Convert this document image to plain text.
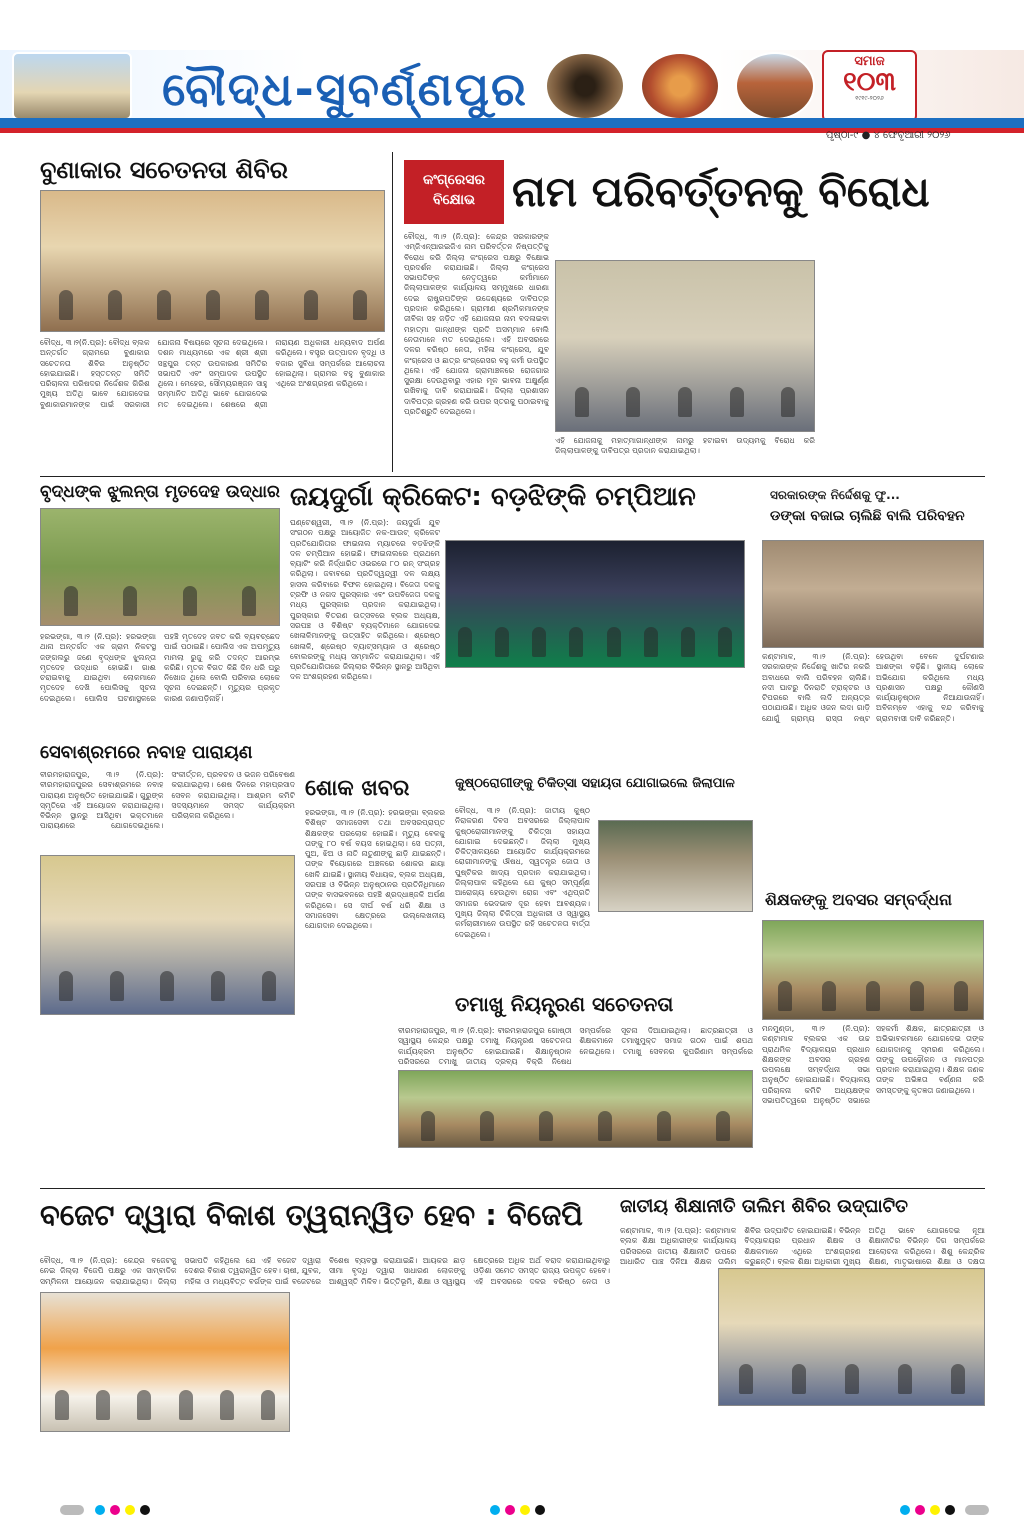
ବୌଦ୍ଧ-ସୁବର୍ଣ୍ଣପୁର
ସମାଜ
୧୦୩
୧୯୧୯-୨୦୨୬
ପୃଷ୍ଠା-୯ ● ୪ ଫେବୃଆରୀ ୨୦୨୬
ବୁଣାକାର ସଚେତନତା ଶିବିର
ବୌଦ୍ଧ, ୩।୨(ନି.ପ୍ର): ବୌଦ୍ଧ ବ୍ଲକ ଅନ୍ତର୍ଗତ ଗ୍ରାମରେ ବୁଣାକାର ସଚେତନତା ଶିବିର ଅନୁଷ୍ଠିତ ହୋଇଯାଇଛି। ହସ୍ତତନ୍ତ ସମିତି ପରିଚାଳନା ପରିଷଦର ନିର୍ଦ୍ଦେଶକ ଗିରିଶ ମୁଖ୍ୟ ଅତିଥି ଭାବେ ଯୋଗଦେଇ ବୁଣାକାରମାନଙ୍କ ପାଇଁ ସରକାରୀ ଯୋଜନା ବିଷୟରେ ସୂଚନା ଦେଇଥିଲେ। ଦଶନ ମାଧ୍ୟମରେ ଏକ ଶ୍ରୀ ଶ୍ରୀ ସନ୍ଥପୁର ତନ୍ତ ଉପକାରଣ ସମିତିର ସଭାପତି ଏବଂ ସମ୍ପାଦକ ଉପସ୍ଥିତ ଥିଲେ। ମେହେର, ସୌମ୍ୟରଞ୍ଜନ ସାହୁ ସମ୍ମାନିତ ଅତିଥି ଭାବେ ଯୋଗଦେଇ ମତ ଦେଇଥିଲେ। ଶେଷରେ ଶ୍ରୀ ନାରାୟଣ ଅଧିକାରୀ ଧନ୍ୟବାଦ ଅର୍ପଣ କରିଥିଲେ। ବସ୍ତ୍ର ଉତ୍ପାଦନ ବୃଦ୍ଧି ଓ ବଜାର ସୁବିଧା ସମ୍ପର୍କରେ ଆଲୋଚନା ହୋଇଥିଲା। ଗ୍ରାମର ବହୁ ବୁଣାକାର ଏଥିରେ ଅଂଶଗ୍ରହଣ କରିଥିଲେ।
କଂଗ୍ରେସର ବିକ୍ଷୋଭ ନାମ ପରିବର୍ତ୍ତନକୁ ବିରୋଧ
ବୌଦ୍ଧ, ୩।୨ (ନି.ପ୍ର): କେନ୍ଦ୍ର ସରକାରଙ୍କ ଏମ୍‌ଜିଏନ୍‌ଆରଇଜିଏ ନାମ ପରିବର୍ତ୍ତନ ନିଷ୍ପତ୍ତିକୁ ବିରୋଧ କରି ଜିଲ୍ଲା କଂଗ୍ରେସ ପକ୍ଷରୁ ବିକ୍ଷୋଭ ପ୍ରଦର୍ଶନ କରାଯାଇଛି। ଜିଲ୍ଲା କଂଗ୍ରେସ ସଭାପତିଙ୍କ ନେତୃତ୍ୱରେ କର୍ମୀମାନେ ଜିଲ୍ଲାପାଳଙ୍କ କାର୍ଯ୍ୟାଳୟ ସମ୍ମୁଖରେ ଧାରଣା ଦେଇ ରାଷ୍ଟ୍ରପତିଙ୍କ ଉଦ୍ଦେଶ୍ୟରେ ଦାବିପତ୍ର ପ୍ରଦାନ କରିଥିଲେ। ଗ୍ରାମୀଣ ଶ୍ରମିକମାନଙ୍କ ଜୀବିକା ସହ ଜଡ଼ିତ ଏହି ଯୋଜନାର ନାମ ବଦଳାଇବା ମହାତ୍ମା ଗାନ୍ଧୀଙ୍କ ପ୍ରତି ଅସମ୍ମାନ ବୋଲି ନେତାମାନେ ମତ ଦେଇଥିଲେ। ଏହି ଅବସରରେ ଦଳର ବରିଷ୍ଠ ନେତା, ମହିଳା କଂଗ୍ରେସ, ଯୁବ କଂଗ୍ରେସ ଓ ଛାତ୍ର କଂଗ୍ରେସର ବହୁ କର୍ମୀ ଉପସ୍ଥିତ ଥିଲେ। ଏହି ଯୋଜନା ଗ୍ରାମାଞ୍ଚଳରେ ରୋଜଗାର ସୁରକ୍ଷା ଦେଉଥିବାରୁ ଏହାର ମୂଳ ଭାବନା ଅକ୍ଷୁର୍ଣ୍ଣ ରଖିବାକୁ ଦାବି କରାଯାଇଛି। ଜିଲ୍ଲା ପ୍ରଶାସନ ଦାବିପତ୍ର ଗ୍ରହଣ କରି ଉପର ସ୍ତରକୁ ପଠାଇବାକୁ ପ୍ରତିଶ୍ରୁତି ଦେଇଥିଲେ।
ଏହି ଯୋଜନାକୁ ମହାତ୍ମାଗାନ୍ଧୀଙ୍କ ନାମରୁ ହଟାଇବା ଉଦ୍ୟମକୁ ବିରୋଧ କରି ଜିଲ୍ଲାପାଳଙ୍କୁ ଦାବିପତ୍ର ପ୍ରଦାନ କରାଯାଇଥିଲା।
ବୃଦ୍ଧଙ୍କ ଝୁଲନ୍ତା ମୃତଦେହ ଉଦ୍ଧାର
ହରଭଙ୍ଗା, ୩।୨ (ନି.ପ୍ର): ହରଭଙ୍ଗା ଥାନା ଅନ୍ତର୍ଗତ ଏକ ଗ୍ରାମ ନିକଟସ୍ଥ ଜଙ୍ଗଲରୁ ଜଣେ ବୃଦ୍ଧଙ୍କ ଝୁଲନ୍ତା ମୃତଦେହ ଉଦ୍ଧାର ହୋଇଛି। ଗାଈ ଚରାଇବାକୁ ଯାଇଥିବା ଲୋକମାନେ ମୃତଦେହ ଦେଖି ପୋଲିସକୁ ସୂଚନା ଦେଇଥିଲେ। ପୋଲିସ ଘଟଣାସ୍ଥଳରେ ପହଞ୍ଚି ମୃତଦେହ ଜବତ କରି ବ୍ୟବଚ୍ଛେଦ ପାଇଁ ପଠାଇଛି। ପୋଲିସ ଏକ ଅପମୃତ୍ୟୁ ମାମଲା ରୁଜୁ କରି ତଦନ୍ତ ଆରମ୍ଭ କରିଛି। ମୃତକ ବିଗତ କିଛି ଦିନ ଧରି ଘରୁ ନିଖୋଜ ଥିଲେ ବୋଲି ପରିବାର ଲୋକେ ସୂଚନା ଦେଇଛନ୍ତି। ମୃତ୍ୟୁର ପ୍ରକୃତ କାରଣ ଜଣାପଡ଼ିନାହିଁ।
ଜୟଦୁର୍ଗା କ୍ରିକେଟ: ବଡ଼ଝିଙ୍କି ଚମ୍ପିଆନ
ଘଣ୍ଟେଶ୍ୱରୀ, ୩।୨ (ନି.ପ୍ର): ଜୟଦୁର୍ଗା ଯୁବ ସଂଗଠନ ପକ୍ଷରୁ ଆୟୋଜିତ ନକ-ଆଉଟ୍ କ୍ରିକେଟ ପ୍ରତିଯୋଗିତାର ଫାଇନାଲ ମ୍ୟାଚରେ ବଡ଼ଝିଙ୍କି ଦଳ ଚମ୍ପିଆନ ହୋଇଛି। ଫାଇନାଲରେ ପ୍ରଥମେ ବ୍ୟାଟିଂ କରି ନିର୍ଦ୍ଧାରିତ ଓଭରରେ ୮୦ ରନ୍ ସଂଗ୍ରହ କରିଥିଲା। ଜବାବରେ ପ୍ରତିଦ୍ୱନ୍ଦ୍ୱୀ ଦଳ ଲକ୍ଷ୍ୟ ହାସଲ କରିବାରେ ବିଫଳ ହୋଇଥିଲା। ବିଜେତା ଦଳକୁ ଟ୍ରଫି ଓ ନଗଦ ପୁରସ୍କାର ଏବଂ ଉପବିଜେତା ଦଳକୁ ମଧ୍ୟ ପୁରସ୍କାର ପ୍ରଦାନ କରାଯାଇଥିଲା। ପୁରସ୍କାର ବିତରଣ ଉତ୍ସବରେ ବ୍ଲକ ଅଧ୍ୟକ୍ଷ, ସରପଞ୍ଚ ଓ ବିଶିଷ୍ଟ ବ୍ୟକ୍ତିମାନେ ଯୋଗଦେଇ ଖେଳାଳିମାନଙ୍କୁ ଉତ୍ସାହିତ କରିଥିଲେ। ଶ୍ରେଷ୍ଠ ଖେଳାଳି, ଶ୍ରେଷ୍ଠ ବ୍ୟାଟ୍ସମ୍ୟାନ ଓ ଶ୍ରେଷ୍ଠ ବୋଲରଙ୍କୁ ମଧ୍ୟ ସମ୍ମାନିତ କରାଯାଇଥିଲା। ଏହି ପ୍ରତିଯୋଗିତାରେ ଜିଲ୍ଲାର ବିଭିନ୍ନ ସ୍ଥାନରୁ ଆସିଥିବା ଦଳ ଅଂଶଗ୍ରହଣ କରିଥିଲେ।
ସରକାରଙ୍କ ନିର୍ଦ୍ଦେଶକୁ ଫୁ...
ଡଙ୍କା ବଜାଇ ଚାଲିଛି ବାଲି ପରିବହନ
କଣ୍ଟାମାଳ, ୩।୨ (ନି.ପ୍ର): ସରକାରଙ୍କ ନିର୍ଦ୍ଦେଶକୁ ଖାତିର ନକରି ଅବାଧରେ ବାଲି ପରିବହନ ଚାଲିଛି। ନଦୀ ଘାଟରୁ ଦିନରାତି ଟ୍ରାକ୍ଟର ଓ ଟିପରରେ ବାଲି ଲଦି ଅନ୍ୟତ୍ର ପଠାଯାଉଛି। ଅଧିକ ଓଜନ ଲଦା ଗାଡ଼ି ଯୋଗୁଁ ଗ୍ରାମ୍ୟ ରାସ୍ତା ନଷ୍ଟ ହେଉଥିବା ବେଳେ ଦୁର୍ଘଟଣାର ଆଶଙ୍କା ବଢ଼ିଛି। ସ୍ଥାନୀୟ ଲୋକେ ଅଭିଯୋଗ କରିଥିଲେ ମଧ୍ୟ ପ୍ରଶାସନ ପକ୍ଷରୁ କୌଣସି କାର୍ଯ୍ୟାନୁଷ୍ଠାନ ନିଆଯାଉନାହିଁ। ଅବିଳମ୍ବେ ଏହାକୁ ବନ୍ଦ କରିବାକୁ ଗ୍ରାମବାସୀ ଦାବି କରିଛନ୍ତି।
ସେବାଶ୍ରମରେ ନବାହ ପାରାୟଣ
ବୀରମହାରାଜପୁର, ୩।୨ (ନି.ପ୍ର): ବୀରମହାରାଜପୁରର ସେବାଶ୍ରମରେ ନବାହ ପାରାୟଣ ଅନୁଷ୍ଠିତ ହୋଇଯାଇଛି। ଗୁରୁଙ୍କ ସ୍ମୃତିରେ ଏହି ଆୟୋଜନ କରାଯାଇଥିଲା। ବିଭିନ୍ନ ସ୍ଥାନରୁ ଆସିଥିବା ଭକ୍ତମାନେ ପାରାୟଣରେ ଯୋଗଦେଇଥିଲେ। ସଂକୀର୍ତ୍ତନ, ପ୍ରବଚନ ଓ ଭଜନ ପରିବେଷଣ କରାଯାଇଥିଲା। ଶେଷ ଦିନରେ ମହାପ୍ରସାଦ ସେବନ କରାଯାଇଥିଲା। ଆଶ୍ରମ କମିଟି ସଦସ୍ୟମାନେ ସମସ୍ତ କାର୍ଯ୍ୟକ୍ରମ ପରିଚାଳନା କରିଥିଲେ।
ଶୋକ ଖବର
ହରଭଙ୍ଗା, ୩।୨ (ନି.ପ୍ର): ହରଭଙ୍ଗା ବ୍ଲକର ବିଶିଷ୍ଟ ସମାଜସେବୀ ତଥା ଅବସରପ୍ରାପ୍ତ ଶିକ୍ଷକଙ୍କ ପରଲୋକ ହୋଇଛି। ମୃତ୍ୟୁ ବେଳକୁ ତାଙ୍କୁ ୮୦ ବର୍ଷ ବୟସ ହୋଇଥିଲା। ସେ ପତ୍ନୀ, ପୁଅ, ଝିଅ ଓ ନାତି ନାତୁଣୀଙ୍କୁ ଛାଡ଼ି ଯାଇଛନ୍ତି। ତାଙ୍କ ବିୟୋଗରେ ଅଞ୍ଚଳରେ ଶୋକର ଛାୟା ଖେଳି ଯାଇଛି। ସ୍ଥାନୀୟ ବିଧାୟକ, ବ୍ଲକ ଅଧ୍ୟକ୍ଷ, ସରପଞ୍ଚ ଓ ବିଭିନ୍ନ ଅନୁଷ୍ଠାନର ପ୍ରତିନିଧିମାନେ ତାଙ୍କ ବାସଭବନରେ ପହଞ୍ଚି ଶ୍ରଦ୍ଧାଞ୍ଜଳି ଅର୍ପଣ କରିଥିଲେ। ସେ ଦୀର୍ଘ ବର୍ଷ ଧରି ଶିକ୍ଷା ଓ ସମାଜସେବା କ୍ଷେତ୍ରରେ ଉଲ୍ଲେଖନୀୟ ଯୋଗଦାନ ଦେଇଥିଲେ।
କୁଷ୍ଠରୋଗୀଙ୍କୁ ଚିକିତ୍ସା ସହାୟତା ଯୋଗାଇଲେ ଜିଲାପାଳ
ବୌଦ୍ଧ, ୩।୨ (ନି.ପ୍ର): ଜାତୀୟ କୁଷ୍ଠ ନିରାକରଣ ଦିବସ ଅବସରରେ ଜିଲ୍ଲାପାଳ କୁଷ୍ଠରୋଗୀମାନଙ୍କୁ ଚିକିତ୍ସା ସହାୟତା ଯୋଗାଇ ଦେଇଛନ୍ତି। ଜିଲ୍ଲା ମୁଖ୍ୟ ଚିକିତ୍ସାଳୟରେ ଆୟୋଜିତ କାର୍ଯ୍ୟକ୍ରମରେ ରୋଗୀମାନଙ୍କୁ ଔଷଧ, ସ୍ୱତନ୍ତ୍ର ଜୋତା ଓ ପୁଷ୍ଟିକର ଖାଦ୍ୟ ପ୍ରଦାନ କରାଯାଇଥିଲା। ଜିଲ୍ଲାପାଳ କହିଥିଲେ ଯେ କୁଷ୍ଠ ସମ୍ପୂର୍ଣ୍ଣ ଆରୋଗ୍ୟ ହେଉଥିବା ରୋଗ ଏବଂ ଏଥିପ୍ରତି ସମାଜର ଭେଦଭାବ ଦୂର ହେବା ଆବଶ୍ୟକ। ମୁଖ୍ୟ ଜିଲ୍ଲା ଚିକିତ୍ସା ଅଧିକାରୀ ଓ ସ୍ୱାସ୍ଥ୍ୟ କର୍ମଚାରୀମାନେ ଉପସ୍ଥିତ ରହି ସଚେତନତା ବାର୍ତ୍ତା ଦେଇଥିଲେ।
ଶିକ୍ଷକଙ୍କୁ ଅବସର ସମ୍ବର୍ଦ୍ଧନା
ମନମୁଣ୍ଡା, ୩।୨ (ନି.ପ୍ର): କଣ୍ଟାମାଳ ବ୍ଲକର ଏକ ଉଚ୍ଚ ପ୍ରାଥମିକ ବିଦ୍ୟାଳୟର ପ୍ରଧାନ ଶିକ୍ଷକଙ୍କ ଅବସର ଗ୍ରହଣ ଉପଲକ୍ଷେ ସମ୍ବର୍ଦ୍ଧନା ସଭା ଅନୁଷ୍ଠିତ ହୋଇଯାଇଛି। ବିଦ୍ୟାଳୟ ପରିଚାଳନା କମିଟି ଅଧ୍ୟକ୍ଷଙ୍କ ସଭାପତିତ୍ୱରେ ଅନୁଷ୍ଠିତ ସଭାରେ ସହକର୍ମୀ ଶିକ୍ଷକ, ଛାତ୍ରଛାତ୍ରୀ ଓ ଅଭିଭାବକମାନେ ଯୋଗଦେଇ ତାଙ୍କ ଯୋଗଦାନକୁ ସ୍ମରଣ କରିଥିଲେ। ତାଙ୍କୁ ଉପଢ଼ୌକନ ଓ ମାନପତ୍ର ପ୍ରଦାନ କରାଯାଇଥିଲା। ଶିକ୍ଷକ ଜଣକ ତାଙ୍କ ଅଭିଜ୍ଞତା ବର୍ଣ୍ଣନା କରି ସମସ୍ତଙ୍କୁ କୃତଜ୍ଞତା ଜଣାଇଥିଲେ।
ତମାଖୁ ନିୟନ୍ତ୍ରଣ ସଚେତନତା
ବୀରମହାରାଜପୁର, ୩।୨ (ନି.ପ୍ର): ବୀରମହାରାଜପୁର ଗୋଷ୍ଠୀ ସ୍ୱାସ୍ଥ୍ୟ କେନ୍ଦ୍ର ପକ୍ଷରୁ ତମାଖୁ ନିୟନ୍ତ୍ରଣ ସଚେତନତା କାର୍ଯ୍ୟକ୍ରମ ଅନୁଷ୍ଠିତ ହୋଇଯାଇଛି। ଶିକ୍ଷାନୁଷ୍ଠାନ ପରିସରରେ ତମାଖୁ ଜାତୀୟ ଦ୍ରବ୍ୟ ବିକ୍ରି ନିଷେଧ ସମ୍ପର୍କରେ ସୂଚନା ଦିଆଯାଇଥିଲା। ଛାତ୍ରଛାତ୍ରୀ ଓ ଶିକ୍ଷକମାନେ ତମାଖୁମୁକ୍ତ ସମାଜ ଗଠନ ପାଇଁ ଶପଥ ନେଇଥିଲେ। ତମାଖୁ ସେବନର କୁପରିଣାମ ସମ୍ପର୍କରେ
ବଜେଟ ଦ୍ୱାରା ବିକାଶ ତ୍ୱରାନ୍ୱିତ ହେବ : ବିଜେପି
ବୌଦ୍ଧ, ୩।୨ (ନି.ପ୍ର): କେନ୍ଦ୍ର ବଜେଟକୁ ନେଇ ଜିଲ୍ଲା ବିଜେପି ପକ୍ଷରୁ ଏକ ସାମ୍ବାଦିକ ସମ୍ମିଳନୀ ଆୟୋଜନ କରାଯାଇଥିଲା। ଜିଲ୍ଲା ସଭାପତି କହିଥିଲେ ଯେ ଏହି ବଜେଟ ଦ୍ୱାରା ଦେଶର ବିକାଶ ତ୍ୱରାନ୍ୱିତ ହେବ। ଚାଷୀ, ଯୁବକ, ମହିଳା ଓ ମଧ୍ୟବିତ୍ତ ବର୍ଗଙ୍କ ପାଇଁ ବଜେଟରେ ବିଶେଷ ବ୍ୟବସ୍ଥା କରାଯାଇଛି। ଆୟକର ଛାଡ଼ ସୀମା ବୃଦ୍ଧି ଦ୍ୱାରା ସାଧାରଣ ଲୋକଙ୍କୁ ଆଶ୍ୱସ୍ତି ମିଳିବ। ଭିତ୍ତିଭୂମି, ଶିକ୍ଷା ଓ ସ୍ୱାସ୍ଥ୍ୟ କ୍ଷେତ୍ରରେ ଅଧିକ ଅର୍ଥ ବରାଦ କରାଯାଇଥିବାରୁ ଓଡ଼ିଶା ସମେତ ସମସ୍ତ ରାଜ୍ୟ ଉପକୃତ ହେବେ। ଏହି ଅବସରରେ ଦଳର ବରିଷ୍ଠ ନେତା ଓ
ଜାତୀୟ ଶିକ୍ଷାନୀତି ତାଲିମ ଶିବିର ଉଦ୍‌ଘାଟିତ
କଣ୍ଟାମାଳ, ୩।୨ (ସ.ପ୍ର): କଣ୍ଟାମାଳ ବ୍ଲକ ଶିକ୍ଷା ଅଧିକାରୀଙ୍କ କାର୍ଯ୍ୟାଳୟ ପରିସରରେ ଜାତୀୟ ଶିକ୍ଷାନୀତି ଉପରେ ଆଧାରିତ ପାଞ୍ଚ ଦିନିଆ ଶିକ୍ଷକ ତାଲିମ ଶିବିର ଉଦ୍‌ଘାଟିତ ହୋଇଯାଇଛି। ବିଭିନ୍ନ ବିଦ୍ୟାଳୟର ପ୍ରଧାନ ଶିକ୍ଷକ ଓ ଶିକ୍ଷକମାନେ ଏଥିରେ ଅଂଶଗ୍ରହଣ କରୁଛନ୍ତି। ବ୍ଲକ ଶିକ୍ଷା ଅଧିକାରୀ ମୁଖ୍ୟ ଅତିଥି ଭାବେ ଯୋଗଦେଇ ନୂଆ ଶିକ୍ଷାନୀତିର ବିଭିନ୍ନ ଦିଗ ସମ୍ପର୍କରେ ଆଲୋଚନା କରିଥିଲେ। ଶିଶୁ କେନ୍ଦ୍ରିକ ଶିକ୍ଷଣ, ମାତୃଭାଷାରେ ଶିକ୍ଷା ଓ ଦକ୍ଷତା
